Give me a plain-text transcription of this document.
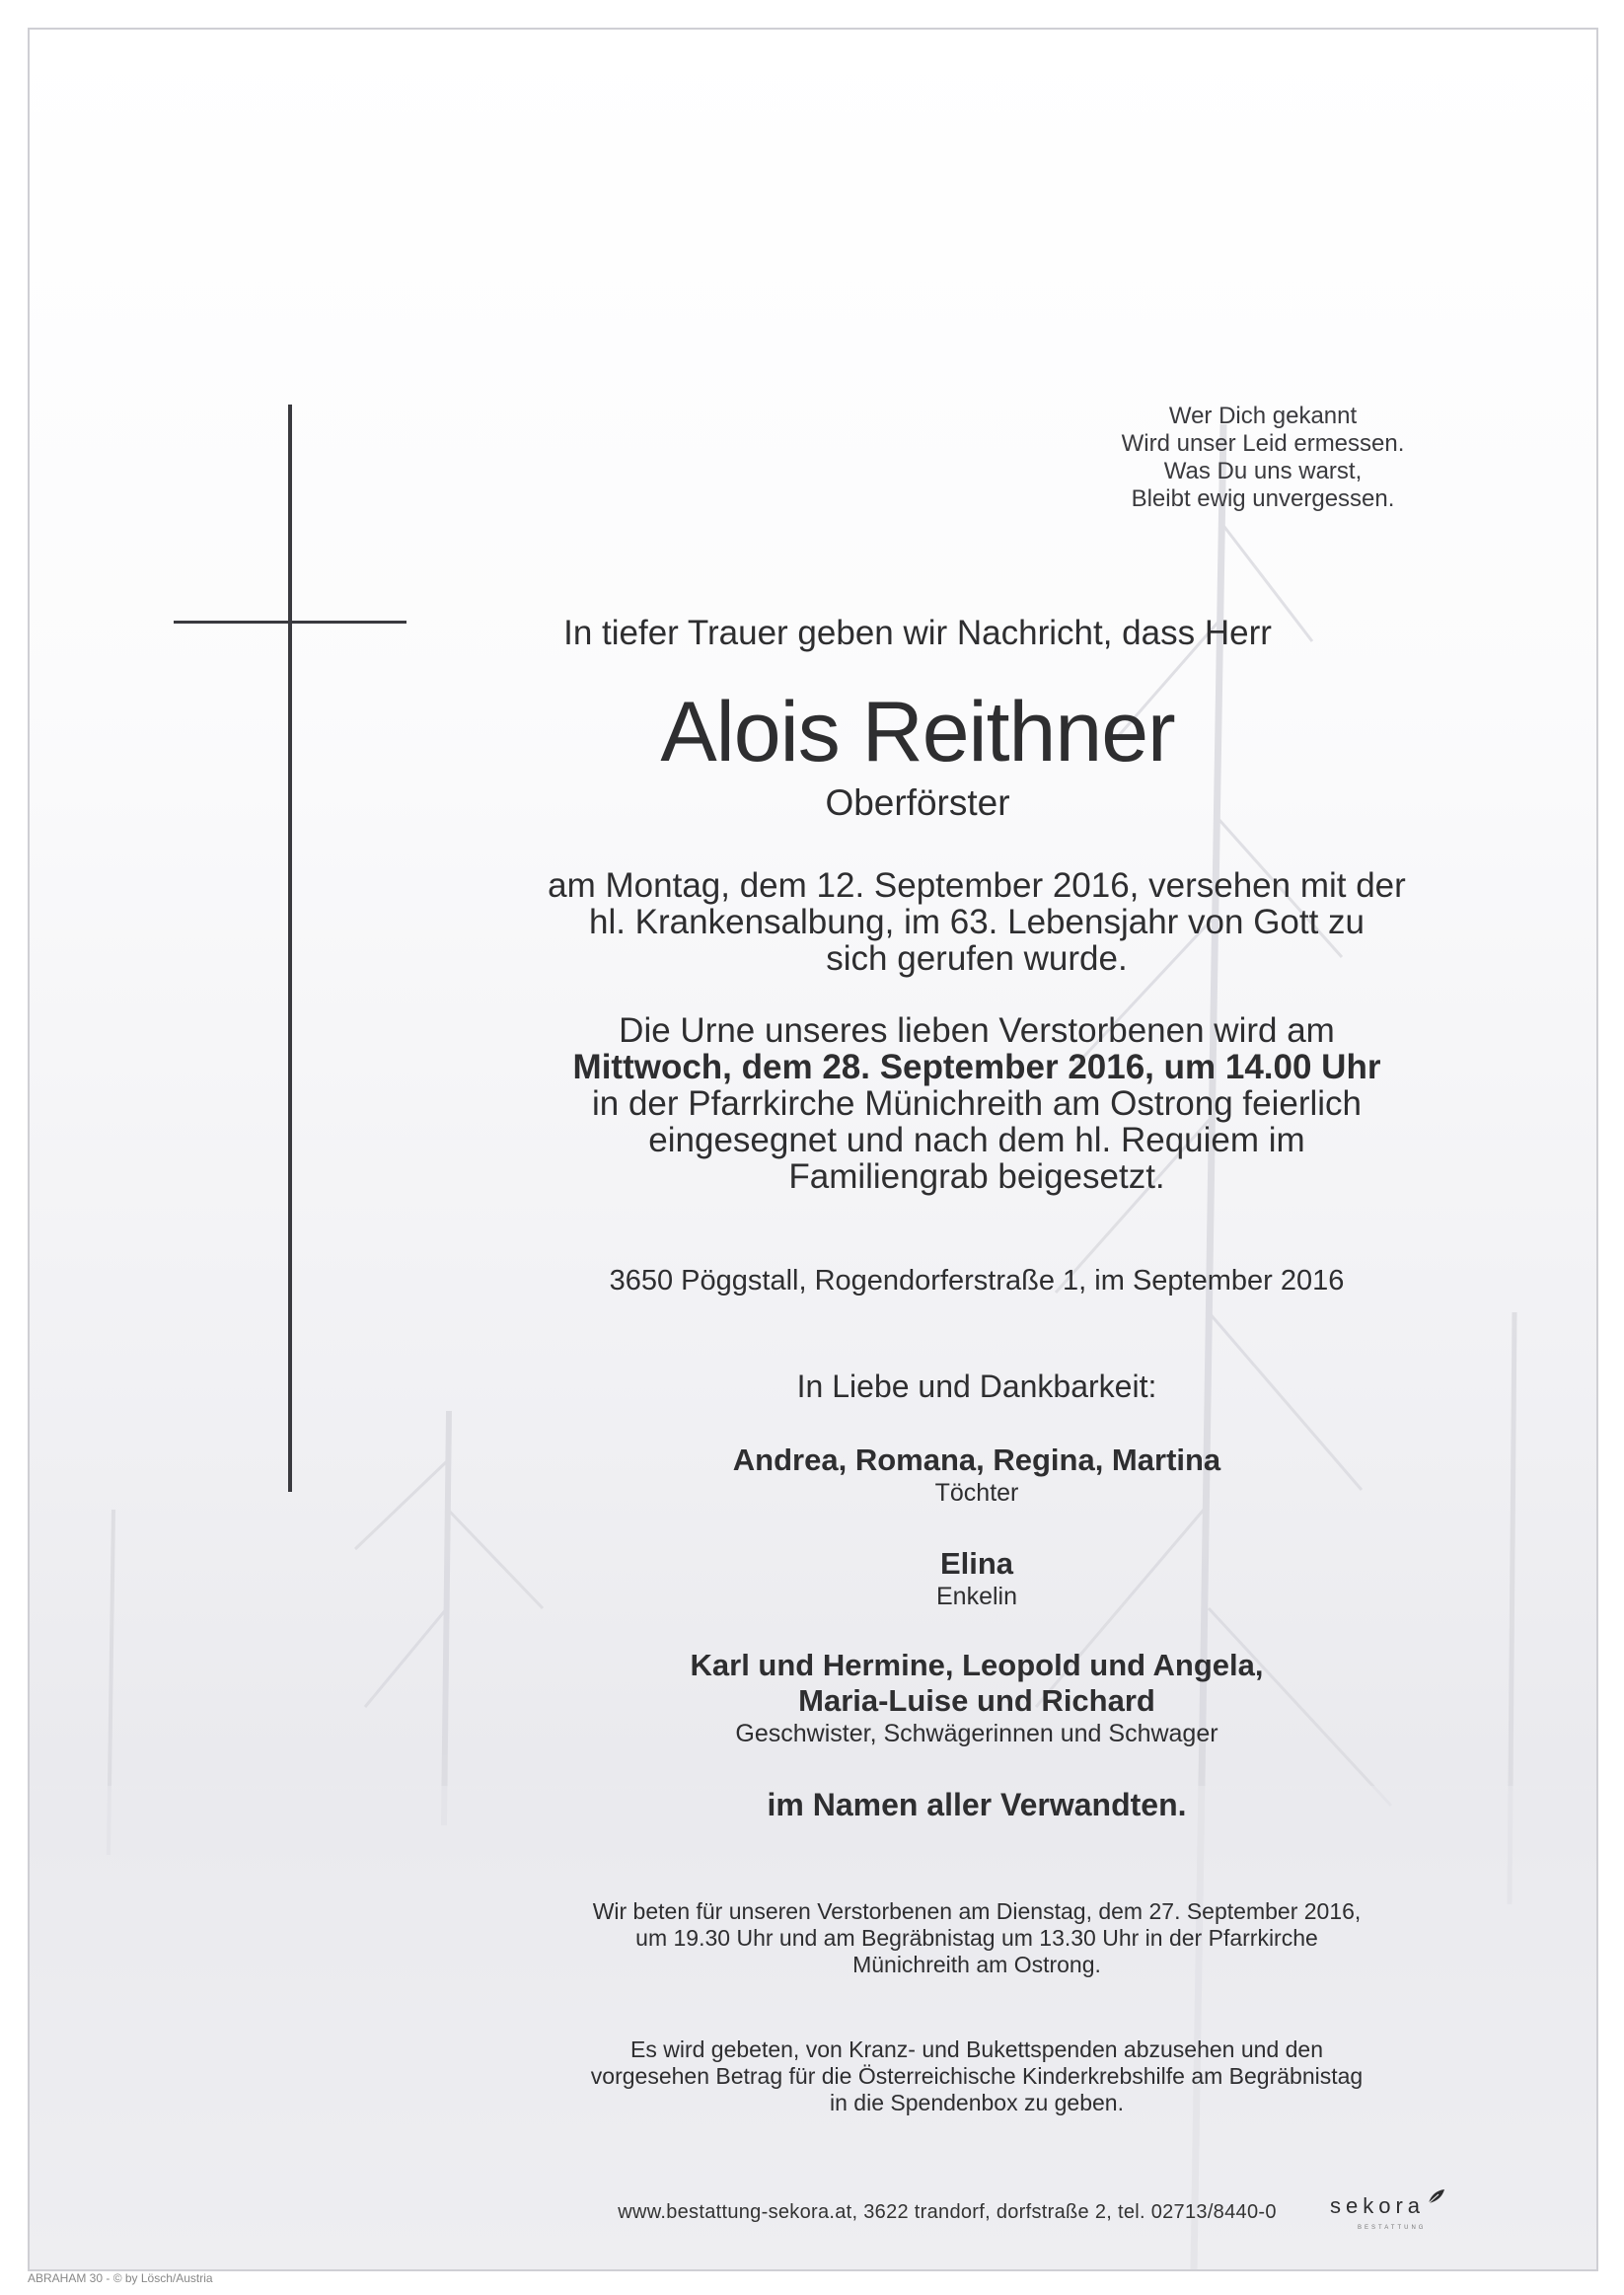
Wer Dich gekannt
Wird unser Leid ermessen.
Was Du uns warst,
Bleibt ewig unvergessen.
In tiefer Trauer geben wir Nachricht, dass Herr
Alois Reithner
Oberförster
am Montag, dem 12. September 2016, versehen mit der
hl. Krankensalbung, im 63. Lebensjahr von Gott zu
sich gerufen wurde.
Die Urne unseres lieben Verstorbenen wird am
Mittwoch, dem 28. September 2016, um 14.00 Uhr
in der Pfarrkirche Münichreith am Ostrong feierlich
eingesegnet und nach dem hl. Requiem im
Familiengrab beigesetzt.
3650 Pöggstall, Rogendorferstraße 1, im September 2016
In Liebe und Dankbarkeit:
Andrea, Romana, Regina, Martina
Töchter
Elina
Enkelin
Karl und Hermine, Leopold und Angela,
Maria-Luise und Richard
Geschwister, Schwägerinnen und Schwager
im Namen aller Verwandten.
Wir beten für unseren Verstorbenen am Dienstag, dem 27. September 2016,
um 19.30 Uhr und am Begräbnistag um 13.30 Uhr in der Pfarrkirche
Münichreith am Ostrong.
Es wird gebeten, von Kranz- und Bukettspenden abzusehen und den
vorgesehen Betrag für die Österreichische Kinderkrebshilfe am Begräbnistag
in die Spendenbox zu geben.
www.bestattung-sekora.at, 3622 trandorf, dorfstraße 2, tel. 02713/8440-0	sekora
BESTATTUNG
ABRAHAM 30 - © by Lösch/Austria
